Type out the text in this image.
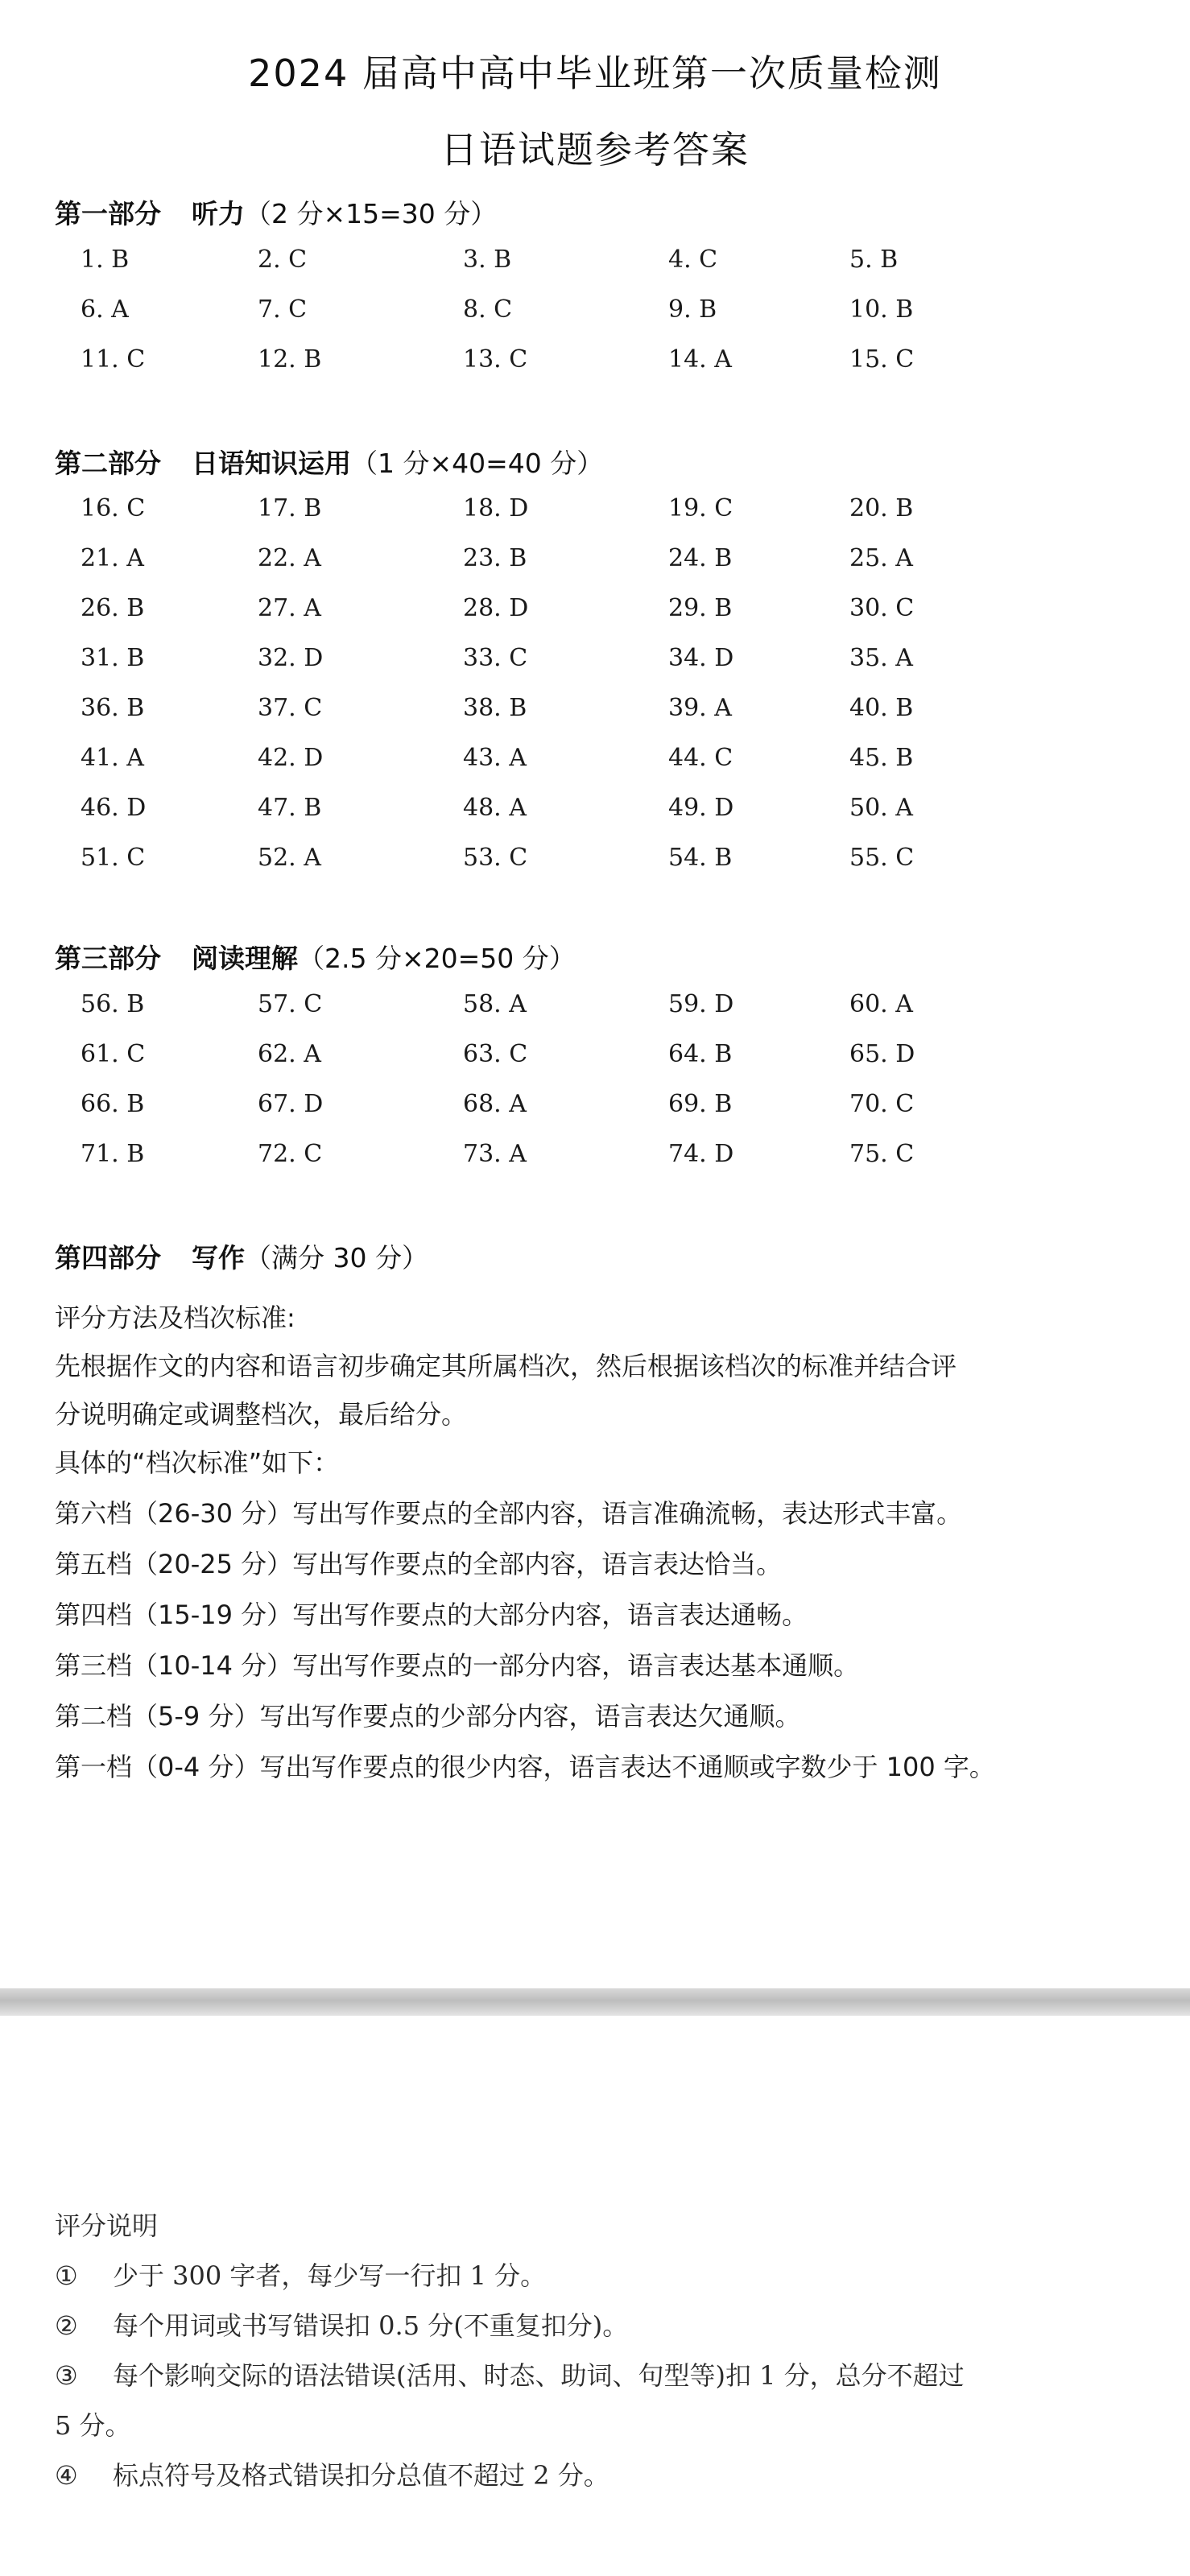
2024 届高中高中毕业班第一次质量检测
日语试题参考答案
第一部分 听力（2 分×15=30 分）
1. B	2. C	3. B	4. C	5. B
6. A	7. C	8. C	9. B	10. B
11. C	12. B	13. C	14. A	15. C
第二部分 日语知识运用（1 分×40=40 分）
16. C	17. B	18. D	19. C	20. B
21. A	22. A	23. B	24. B	25. A
26. B	27. A	28. D	29. B	30. C
31. B	32. D	33. C	34. D	35. A
36. B	37. C	38. B	39. A	40. B
41. A	42. D	43. A	44. C	45. B
46. D	47. B	48. A	49. D	50. A
51. C	52. A	53. C	54. B	55. C
第三部分 阅读理解（2.5 分×20=50 分）
56. B	57. C	58. A	59. D	60. A
61. C	62. A	63. C	64. B	65. D
66. B	67. D	68. A	69. B	70. C
71. B	72. C	73. A	74. D	75. C
第四部分 写作（满分 30 分）
评分方法及档次标准:
先根据作文的内容和语言初步确定其所属档次，然后根据该档次的标准并结合评
分说明确定或调整档次，最后给分。
具体的“档次标准”如下：
第六档（26-30 分）写出写作要点的全部内容，语言准确流畅，表达形式丰富。
第五档（20-25 分）写出写作要点的全部内容，语言表达恰当。
第四档（15-19 分）写出写作要点的大部分内容，语言表达通畅。
第三档（10-14 分）写出写作要点的一部分内容，语言表达基本通顺。
第二档（5-9 分）写出写作要点的少部分内容，语言表达欠通顺。
第一档（0-4 分）写出写作要点的很少内容，语言表达不通顺或字数少于 100 字。
评分说明
① 少于 300 字者，每少写一行扣 1 分。
② 每个用词或书写错误扣 0.5 分(不重复扣分)。
③ 每个影响交际的语法错误(活用、时态、助词、句型等)扣 1 分，总分不超过
5 分。
④ 标点符号及格式错误扣分总值不超过 2 分。
